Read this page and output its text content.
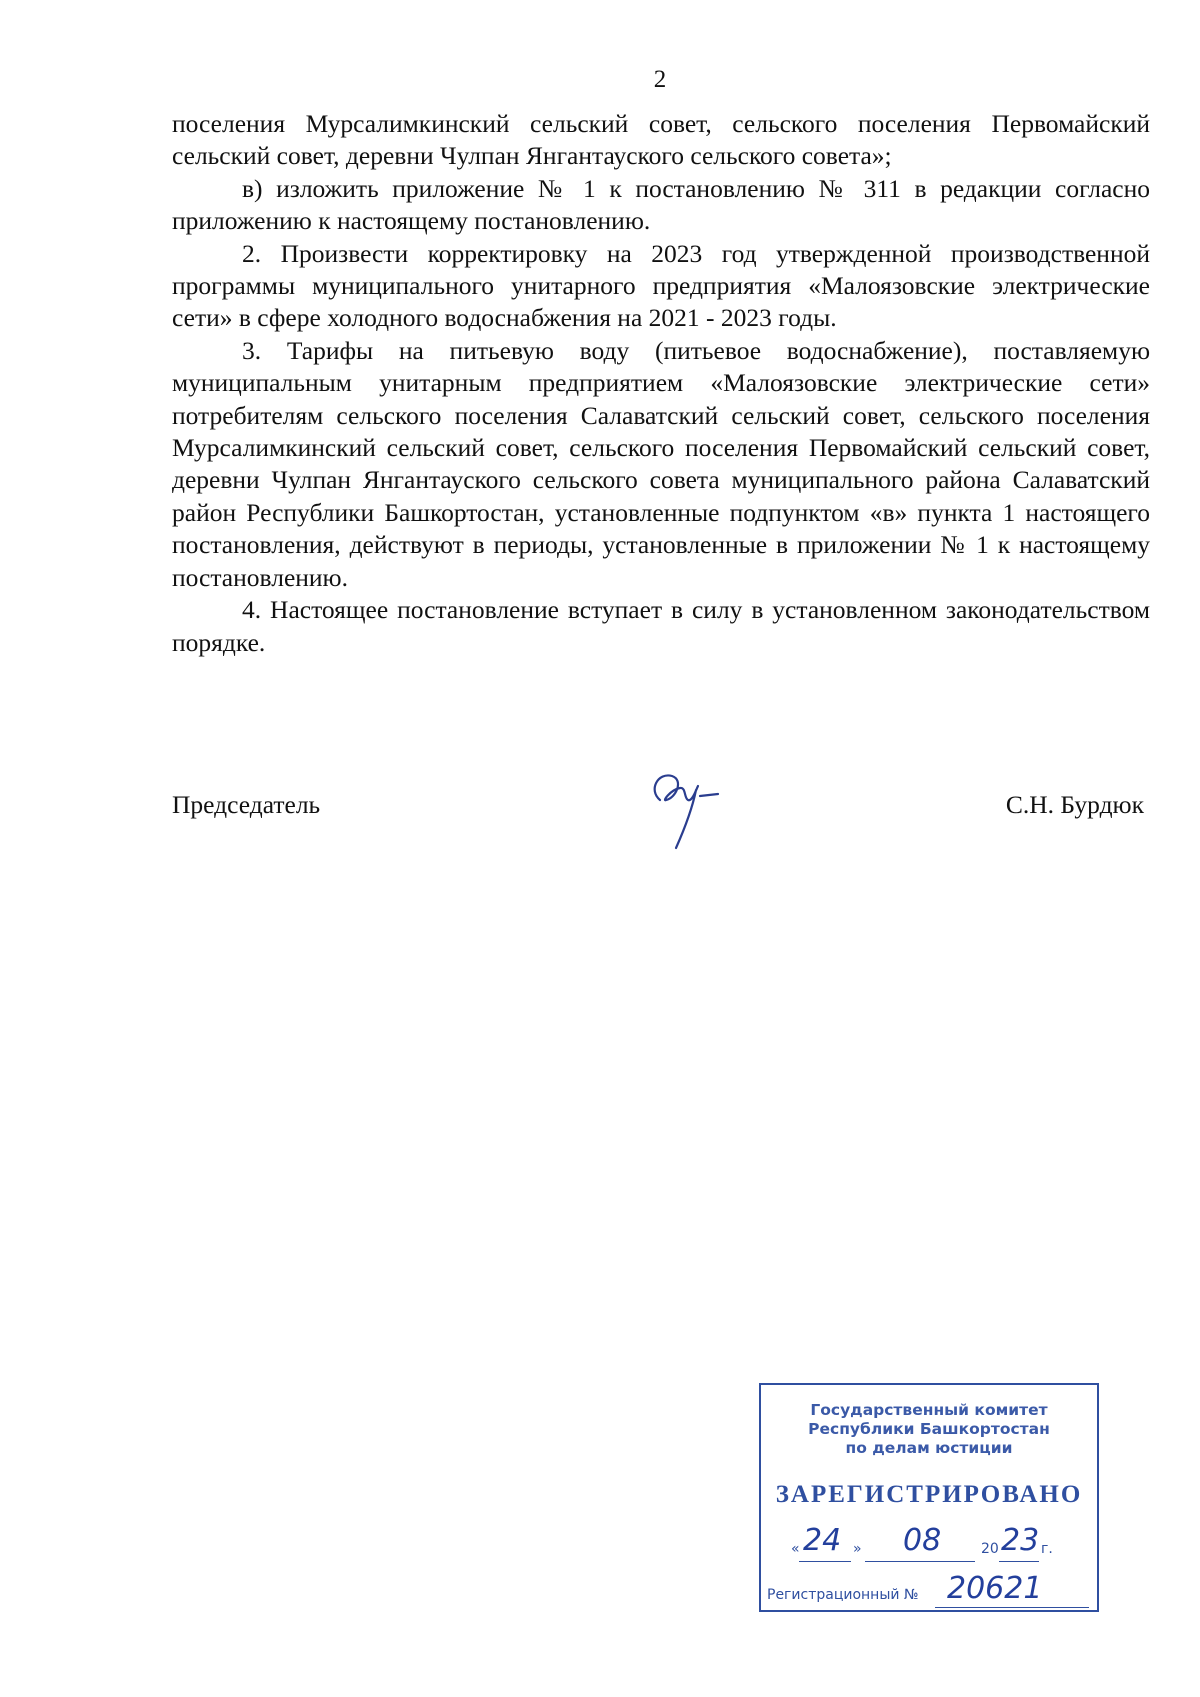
2

поселения Мурсалимкинский сельский совет, сельского поселения Первомайский сельский совет, деревни Чулпан Янгантауского сельского совета»;

в) изложить приложение № 1 к постановлению № 311 в редакции согласно приложению к настоящему постановлению.

2. Произвести корректировку на 2023 год утвержденной производственной программы муниципального унитарного предприятия «Малоязовские электрические сети» в сфере холодного водоснабжения на 2021 - 2023 годы.

3. Тарифы на питьевую воду (питьевое водоснабжение), поставляемую муниципальным унитарным предприятием «Малоязовские электрические сети» потребителям сельского поселения Салаватский сельский совет, сельского поселения Мурсалимкинский сельский совет, сельского поселения Первомайский сельский совет, деревни Чулпан Янгантауского сельского совета муниципального района Салаватский район Республики Башкортостан, установленные подпунктом «в» пункта 1 настоящего постановления, действуют в периоды, установленные в приложении № 1 к настоящему постановлению.

4. Настоящее постановление вступает в силу в установленном законодательством порядке.

Председатель	С.Н. Бурдюк
Государственный комитет
Республики Башкортостан
по делам юстиции
ЗАРЕГИСТРИРОВАНО
« 24 » 08	20 23 г.
Регистрационный № 20621
